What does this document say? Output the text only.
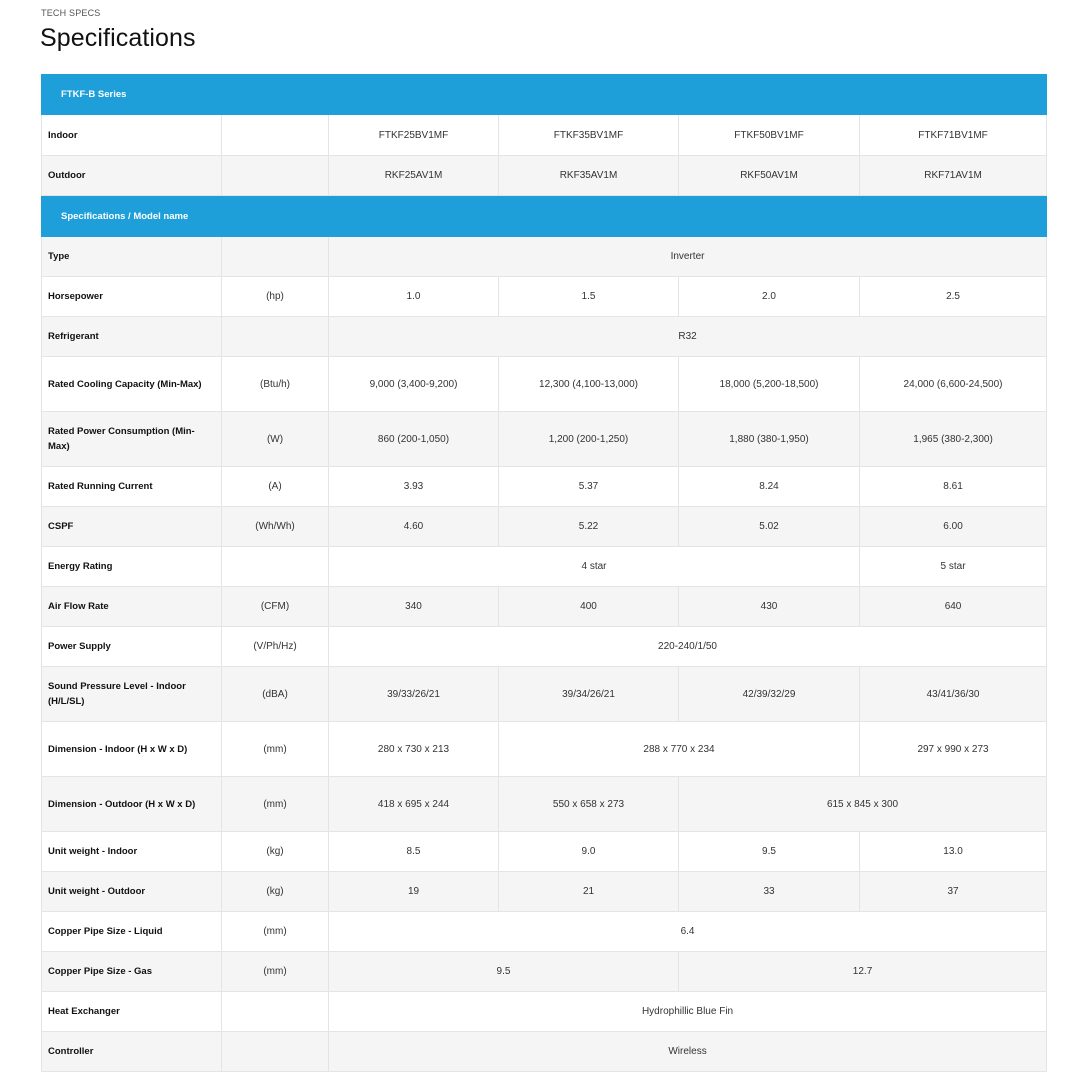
TECH SPECS
Specifications
FTKF-B Series					
Indoor		FTKF25BV1MF	FTKF35BV1MF	FTKF50BV1MF	FTKF71BV1MF
Outdoor		RKF25AV1M	RKF35AV1M	RKF50AV1M	RKF71AV1M
Specifications / Model name					
Type		Inverter			
Horsepower	(hp)	1.0	1.5	2.0	2.5
Refrigerant		R32			
Rated Cooling Capacity (Min-Max)	(Btu/h)	9,000 (3,400-9,200)	12,300 (4,100-13,000)	18,000 (5,200-18,500)	24,000 (6,600-24,500)
Rated Power Consumption (Min-Max)	(W)	860 (200-1,050)	1,200 (200-1,250)	1,880 (380-1,950)	1,965 (380-2,300)
Rated Running Current	(A)	3.93	5.37	8.24	8.61
CSPF	(Wh/Wh)	4.60	5.22	5.02	6.00
Energy Rating		4 star			5 star
Air Flow Rate	(CFM)	340	400	430	640
Power Supply	(V/Ph/Hz)	220-240/1/50			
Sound Pressure Level - Indoor (H/L/SL)	(dBA)	39/33/26/21	39/34/26/21	42/39/32/29	43/41/36/30
Dimension - Indoor (H x W x D)	(mm)	280 x 730 x 213	288 x 770 x 234		297 x 990 x 273
Dimension - Outdoor (H x W x D)	(mm)	418 x 695 x 244	550 x 658 x 273	615 x 845 x 300	
Unit weight - Indoor	(kg)	8.5	9.0	9.5	13.0
Unit weight - Outdoor	(kg)	19	21	33	37
Copper Pipe Size - Liquid	(mm)	6.4			
Copper Pipe Size - Gas	(mm)	9.5		12.7	
Heat Exchanger		Hydrophillic Blue Fin			
Controller		Wireless			
